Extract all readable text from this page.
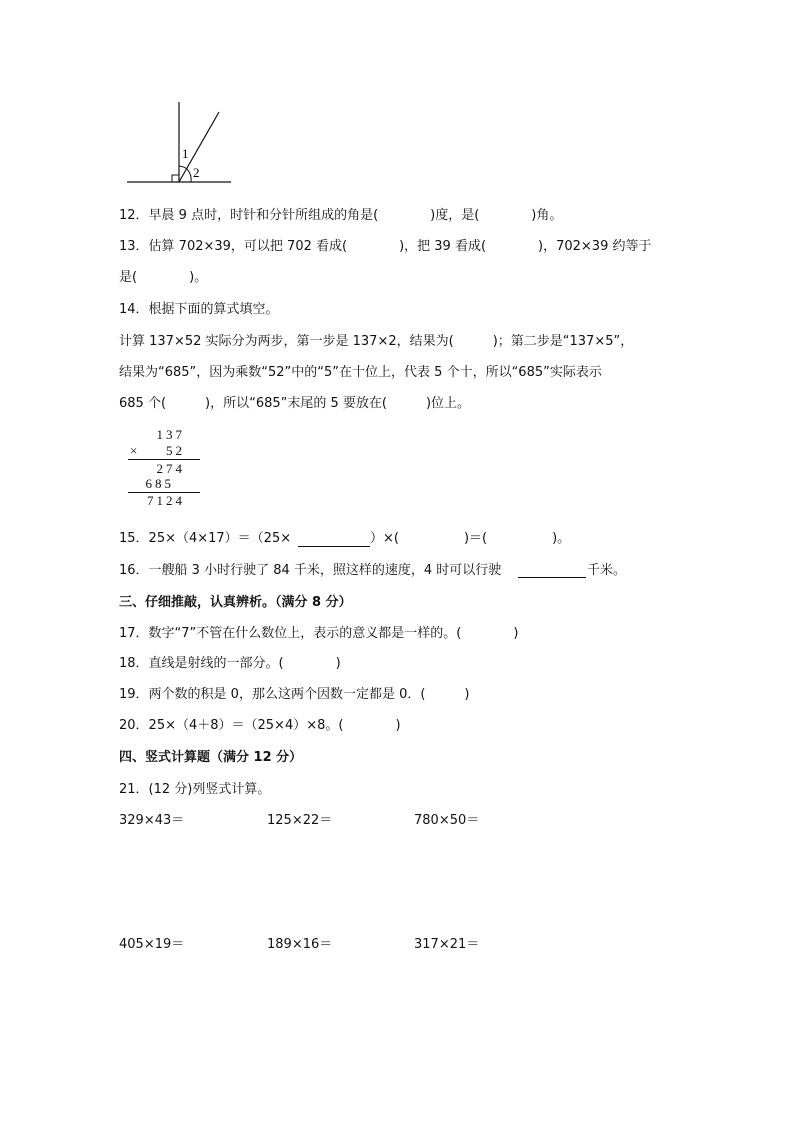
1
2
12．早晨 9 点时，时针和分针所组成的角是(　　　　)度，是(　　　　)角。
13．估算 702×39，可以把 702 看成(　　　　)，把 39 看成(　　　　)，702×39 约等于
是(　　　　)。
14．根据下面的算式填空。
计算 137×52 实际分为两步，第一步是 137×2，结果为(　　　)；第二步是“137×5”，
结果为“685”，因为乘数“52”中的“5”在十位上，代表 5 个十，所以“685”实际表示
685 个(　　　)，所以“685”末尾的 5 要放在(　　　)位上。
137
× 52
274
685
7124
15．25×（4×17）＝（25×	）×(　　　　　)＝(　　　　　)。
16．一艘船 3 小时行驶了 84 千米，照这样的速度，4 时可以行驶	千米。
三、仔细推敲，认真辨析。（满分 8 分）
17．数字“7”不管在什么数位上，表示的意义都是一样的。(　　　　)
18．直线是射线的一部分。(　　　　)
19．两个数的积是 0，那么这两个因数一定都是 0．(　　　)
20．25×（4＋8）＝（25×4）×8。(　　　　)
四、竖式计算题（满分 12 分）
21．(12 分)列竖式计算。
329×43＝	125×22＝	780×50＝
405×19＝	189×16＝	317×21＝
